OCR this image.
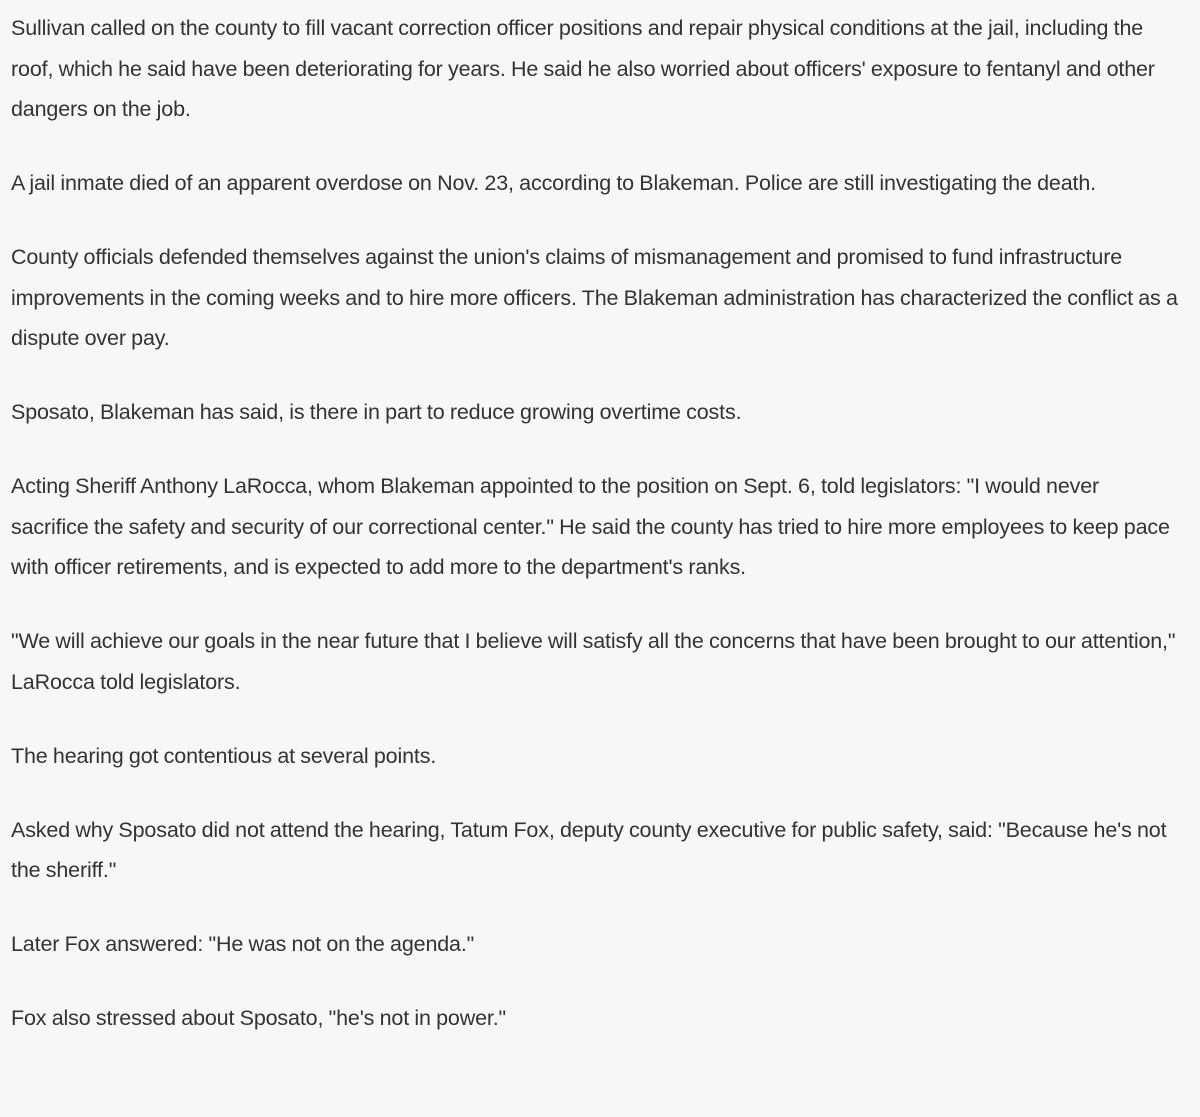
Sullivan called on the county to fill vacant correction officer positions and repair physical conditions at the jail, including the roof, which he said have been deteriorating for years. He said he also worried about officers' exposure to fentanyl and other dangers on the job.

A jail inmate died of an apparent overdose on Nov. 23, according to Blakeman. Police are still investigating the death.

County officials defended themselves against the union's claims of mismanagement and promised to fund infrastructure improvements in the coming weeks and to hire more officers. The Blakeman administration has characterized the conflict as a dispute over pay.

Sposato, Blakeman has said, is there in part to reduce growing overtime costs.

Acting Sheriff Anthony LaRocca, whom Blakeman appointed to the position on Sept. 6, told legislators: "I would never sacrifice the safety and security of our correctional center." He said the county has tried to hire more employees to keep pace with officer retirements, and is expected to add more to the department's ranks.

"We will achieve our goals in the near future that I believe will satisfy all the concerns that have been brought to our attention," LaRocca told legislators.

The hearing got contentious at several points.

Asked why Sposato did not attend the hearing, Tatum Fox, deputy county executive for public safety, said: "Because he's not the sheriff."

Later Fox answered: "He was not on the agenda."

Fox also stressed about Sposato, "he's not in power."
